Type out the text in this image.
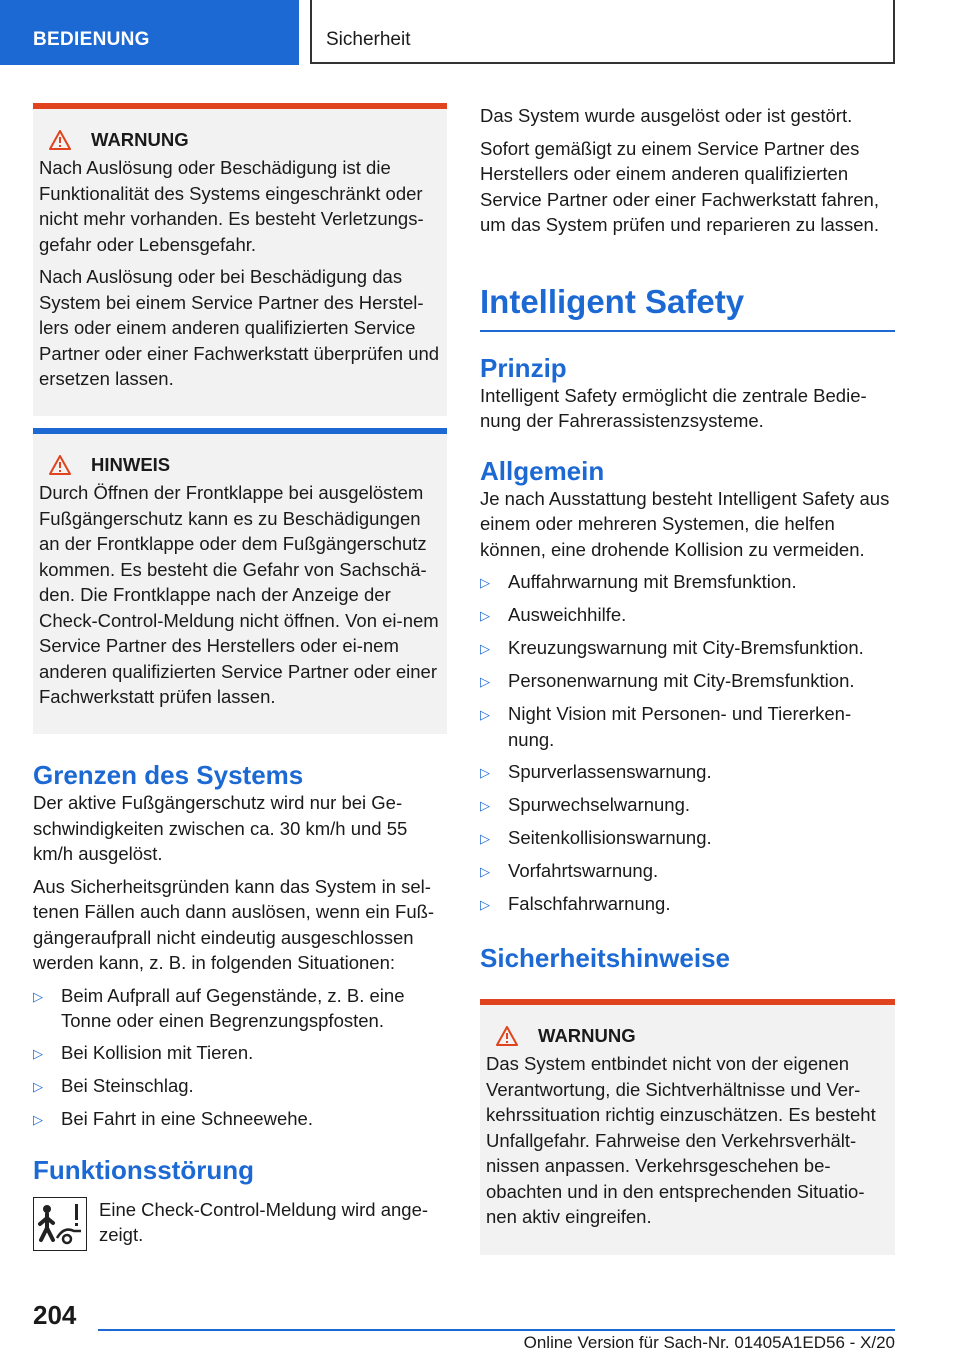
BEDIENUNG	Sicherheit
WARNUNG

Nach Auslösung oder Beschädigung ist die Funktionalität des Systems eingeschränkt oder nicht mehr vorhanden. Es besteht Verletzungs-gefahr oder Lebensgefahr.

Nach Auslösung oder bei Beschädigung das System bei einem Service Partner des Herstel-lers oder einem anderen qualifizierten Service Partner oder einer Fachwerkstatt überprüfen und ersetzen lassen.

HINWEIS

Durch Öffnen der Frontklappe bei ausgelöstem Fußgängerschutz kann es zu Beschädigungen an der Frontklappe oder dem Fußgängerschutz kommen. Es besteht die Gefahr von Sachschä-den. Die Frontklappe nach der Anzeige der Check-Control-Meldung nicht öffnen. Von ei-nem Service Partner des Herstellers oder ei-nem anderen qualifizierten Service Partner oder einer Fachwerkstatt prüfen lassen.

Grenzen des Systems

Der aktive Fußgängerschutz wird nur bei Ge-schwindigkeiten zwischen ca. 30 km/h und 55 km/h ausgelöst.

Aus Sicherheitsgründen kann das System in sel-tenen Fällen auch dann auslösen, wenn ein Fuß-gängeraufprall nicht eindeutig ausgeschlossen werden kann, z. B. in folgenden Situationen:

▷ Beim Aufprall auf Gegenstände, z. B. eine Tonne oder einen Begrenzungspfosten.
▷ Bei Kollision mit Tieren.
▷ Bei Steinschlag.
▷ Bei Fahrt in eine Schneewehe.
Funktionsstörung

Eine Check-Control-Meldung wird ange-zeigt.

Das System wurde ausgelöst oder ist gestört.

Sofort gemäßigt zu einem Service Partner des Herstellers oder einem anderen qualifizierten Service Partner oder einer Fachwerkstatt fahren, um das System prüfen und reparieren zu lassen.

Intelligent Safety
Prinzip

Intelligent Safety ermöglicht die zentrale Bedie-nung der Fahrerassistenzsysteme.

Allgemein

Je nach Ausstattung besteht Intelligent Safety aus einem oder mehreren Systemen, die helfen können, eine drohende Kollision zu vermeiden.

▷ Auffahrwarnung mit Bremsfunktion.
▷ Ausweichhilfe.
▷ Kreuzungswarnung mit City-Bremsfunktion.
▷ Personenwarnung mit City-Bremsfunktion.
▷ Night Vision mit Personen- und Tiererken-nung.
▷ Spurverlassenswarnung.
▷ Spurwechselwarnung.
▷ Seitenkollisionswarnung.
▷ Vorfahrtswarnung.
▷ Falschfahrwarnung.
Sicherheitshinweise
WARNUNG

Das System entbindet nicht von der eigenen Verantwortung, die Sichtverhältnisse und Ver-kehrssituation richtig einzuschätzen. Es besteht Unfallgefahr. Fahrweise den Verkehrsverhält-nissen anpassen. Verkehrsgeschehen be-obachten und in den entsprechenden Situatio-nen aktiv eingreifen.

204
Online Version für Sach-Nr. 01405A1ED56 - X/20
